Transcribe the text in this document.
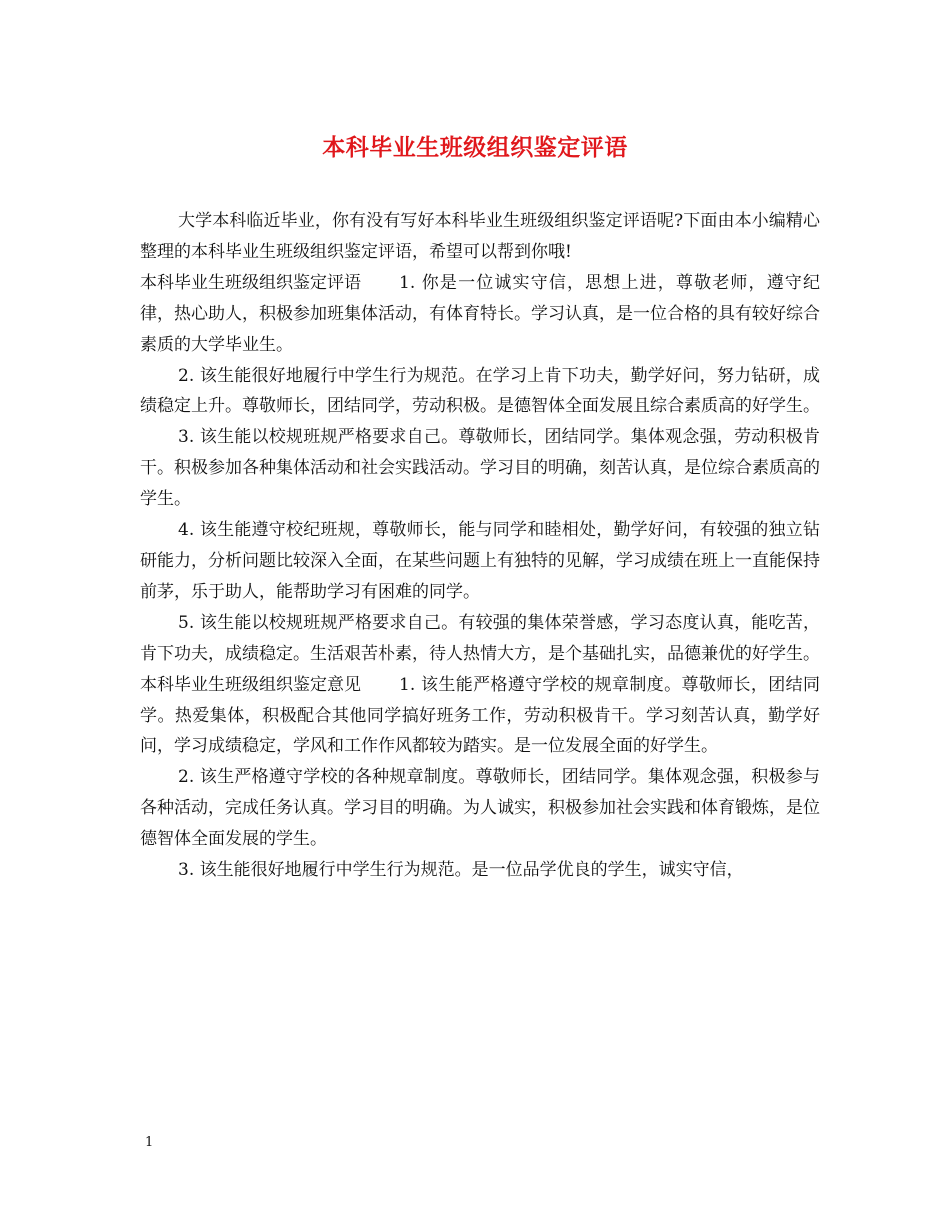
本科毕业生班级组织鉴定评语

大学本科临近毕业，你有没有写好本科毕业生班级组织鉴定评语呢?下面由本小编精心整理的本科毕业生班级组织鉴定评语，希望可以帮到你哦!

本科毕业生班级组织鉴定评语 1. 你是一位诚实守信，思想上进，尊敬老师，遵守纪律，热心助人，积极参加班集体活动，有体育特长。学习认真，是一位合格的具有较好综合素质的大学毕业生。

2. 该生能很好地履行中学生行为规范。在学习上肯下功夫，勤学好问，努力钻研，成绩稳定上升。尊敬师长，团结同学，劳动积极。是德智体全面发展且综合素质高的好学生。

3. 该生能以校规班规严格要求自己。尊敬师长，团结同学。集体观念强，劳动积极肯干。积极参加各种集体活动和社会实践活动。学习目的明确，刻苦认真，是位综合素质高的学生。

4. 该生能遵守校纪班规，尊敬师长，能与同学和睦相处，勤学好问，有较强的独立钻研能力，分析问题比较深入全面，在某些问题上有独特的见解，学习成绩在班上一直能保持前茅，乐于助人，能帮助学习有困难的同学。

5. 该生能以校规班规严格要求自己。有较强的集体荣誉感，学习态度认真，能吃苦，肯下功夫，成绩稳定。生活艰苦朴素，待人热情大方，是个基础扎实，品德兼优的好学生。

本科毕业生班级组织鉴定意见 1. 该生能严格遵守学校的规章制度。尊敬师长，团结同学。热爱集体，积极配合其他同学搞好班务工作，劳动积极肯干。学习刻苦认真，勤学好问，学习成绩稳定，学风和工作作风都较为踏实。是一位发展全面的好学生。

2. 该生严格遵守学校的各种规章制度。尊敬师长，团结同学。集体观念强，积极参与各种活动，完成任务认真。学习目的明确。为人诚实，积极参加社会实践和体育锻炼，是位德智体全面发展的学生。

3. 该生能很好地履行中学生行为规范。是一位品学优良的学生，诚实守信，

1
